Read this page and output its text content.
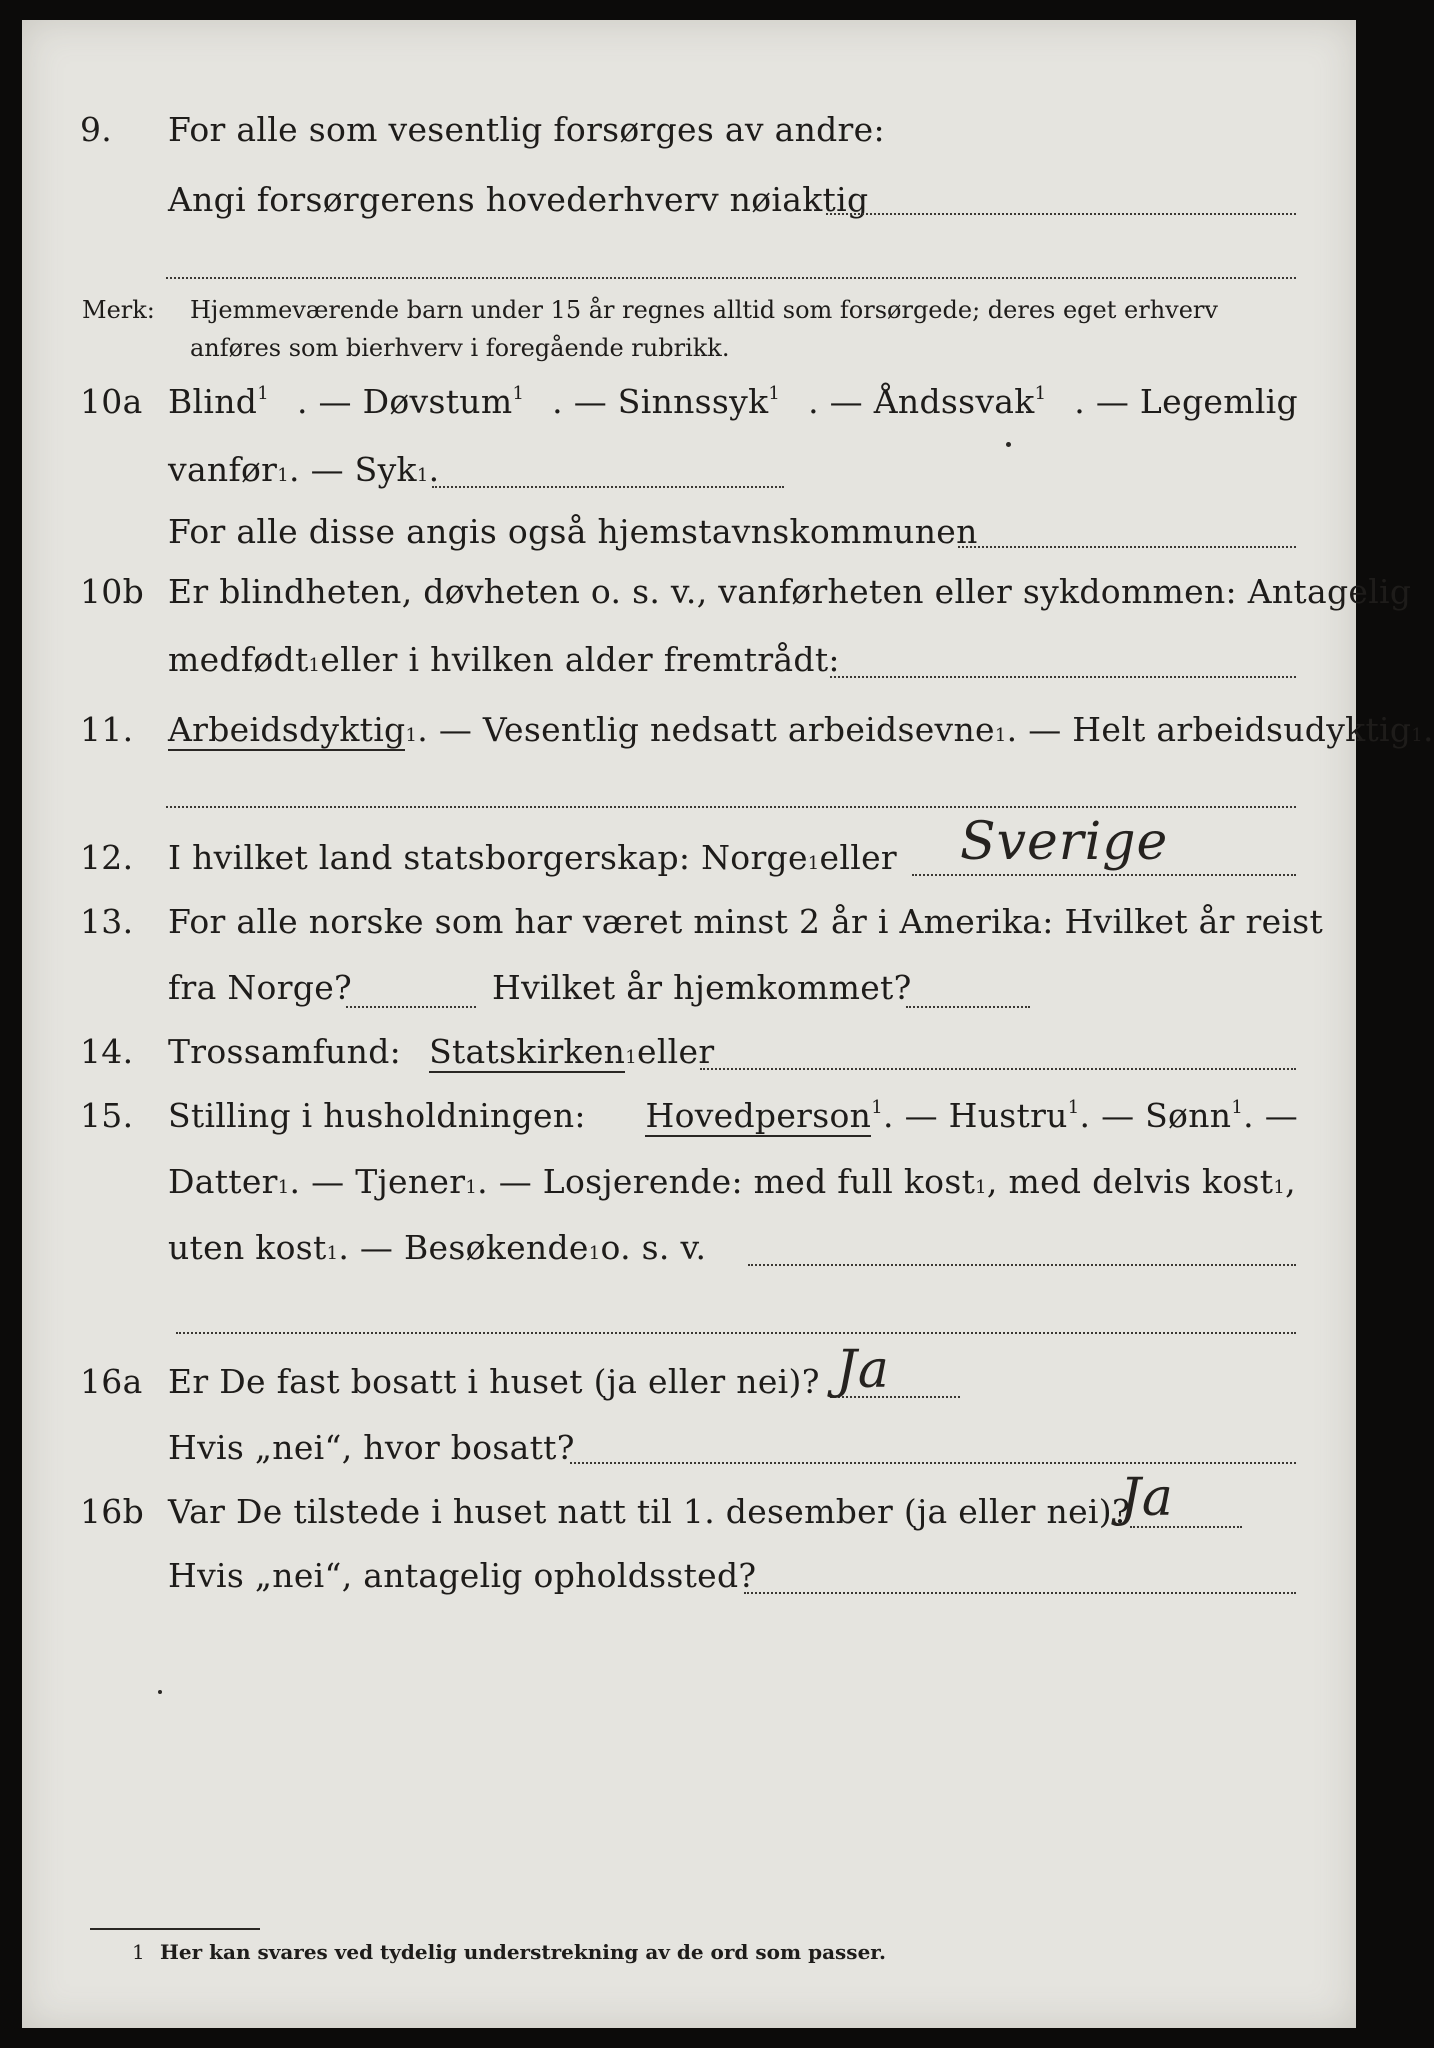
9.	For alle som vesentlig forsørges av andre:
Angi forsørgerens hovederhverv nøiaktig
Merk: Hjemmeværende barn under 15 år regnes alltid som forsørgede; deres eget erhverv
anføres som bierhverv i foregående rubrikk.
10a Blind$^1$ . — Døvstum$^1$ . — Sinnssyk$^1$ . — Åndssvak$^1$ . — Legemlig
vanfør 1 . — Syk 1 .
For alle disse angis også hjemstavnskommunen
10b Er blindheten, døvheten o. s. v., vanførheten eller sykdommen: Antagelig
medfødt 1 eller i hvilken alder fremtrådt:
11.	Arbeidsdyktig 1 . — Vesentlig nedsatt arbeidsevne 1 . — Helt arbeidsudyktig 1 .
12.	I hvilket land statsborgerskap: Norge 1 eller Sverige
13.	For alle norske som har været minst 2 år i Amerika: Hvilket år reist
fra Norge?	Hvilket år hjemkommet?
14.	Trossamfund: Statskirken 1 eller
15.	Stilling i husholdningen: Hovedperson$^1$. — Hustru$^1$. — Sønn$^1$. —
Datter 1 . — Tjener 1 . — Losjerende: med full kost 1 , med delvis kost 1 ,
uten kost 1 . — Besøkende 1 o. s. v.
16a Er De fast bosatt i huset (ja eller nei)? Ja
Hvis „nei“, hvor bosatt?
16b Var De tilstede i huset natt til 1. desember (ja eller nei)?
Ja
Hvis „nei“, antagelig opholdssted?
1 Her kan svares ved tydelig understrekning av de ord som passer.
